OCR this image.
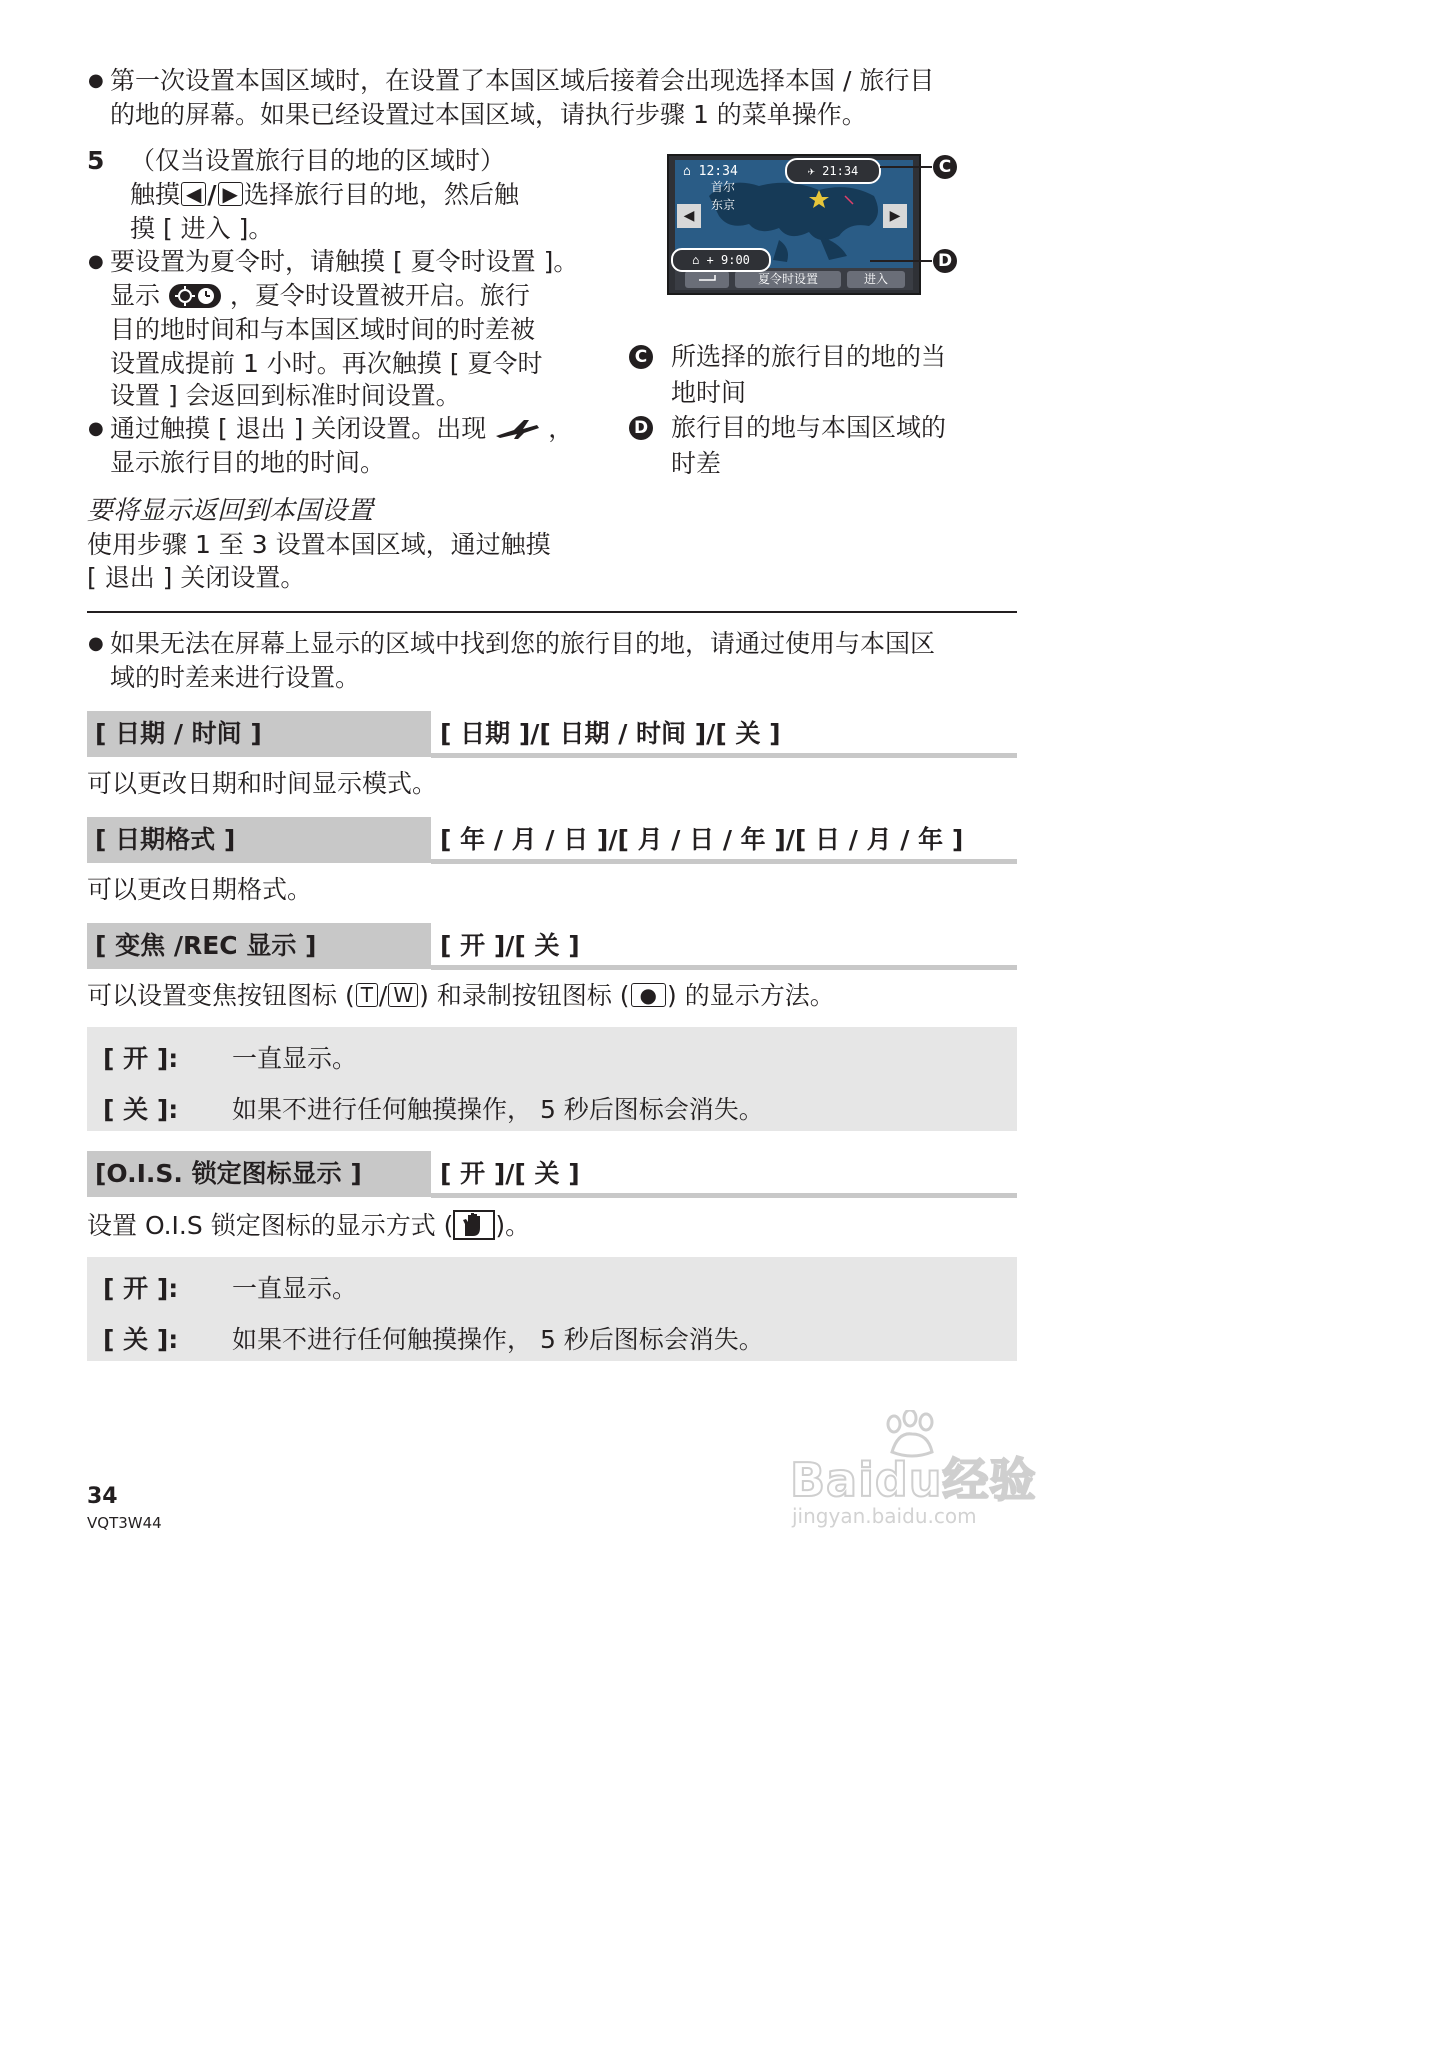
● 第一次设置本国区域时，在设置了本国区域后接着会出现选择本国 / 旅行目
的地的屏幕。如果已经设置过本国区域，请执行步骤 1 的菜单操作。
5 （仅当设置旅行目的地的区域时）
触摸 ◀ / ▶ 选择旅行目的地，然后触
摸 [ 进入 ]。
● 要设置为夏令时，请触摸 [ 夏令时设置 ]。
显示	，夏令时设置被开启。旅行
目的地时间和与本国区域时间的时差被
设置成提前 1 小时。再次触摸 [ 夏令时
设置 ] 会返回到标准时间设置。
● 通过触摸 [ 退出 ] 关闭设置。出现 ，
显示旅行目的地的时间。
⌂ 12:34
首尔
东京
✈ 21:34
◀	▶
⌂ + 9:00
夏令时设置	进入
C
D
C 所选择的旅行目的地的当
地时间
D 旅行目的地与本国区域的
时差
要将显示返回到本国设置
使用步骤 1 至 3 设置本国区域，通过触摸
[ 退出 ] 关闭设置。
● 如果无法在屏幕上显示的区域中找到您的旅行目的地，请通过使用与本国区
域的时差来进行设置。
[ 日期 / 时间 ]	[ 日期 ]/[ 日期 / 时间 ]/[ 关 ]
可以更改日期和时间显示模式。
[ 日期格式 ]	[ 年 / 月 / 日 ]/[ 月 / 日 / 年 ]/[ 日 / 月 / 年 ]
可以更改日期格式。
[ 变焦 /REC 显示 ]	[ 开 ]/[ 关 ]
可以设置变焦按钮图标 ( T / W ) 和录制按钮图标 ( ● ) 的显示方法。
[ 开 ]: 一直显示。
[ 关 ]: 如果不进行任何触摸操作， 5 秒后图标会消失。
[O.I.S. 锁定图标显示 ]	[ 开 ]/[ 关 ]
设置 O.I.S 锁定图标的显示方式 ( )。
[ 开 ]: 一直显示。
[ 关 ]: 如果不进行任何触摸操作， 5 秒后图标会消失。
Baidu经验
jingyan.baidu.com
34
VQT3W44
